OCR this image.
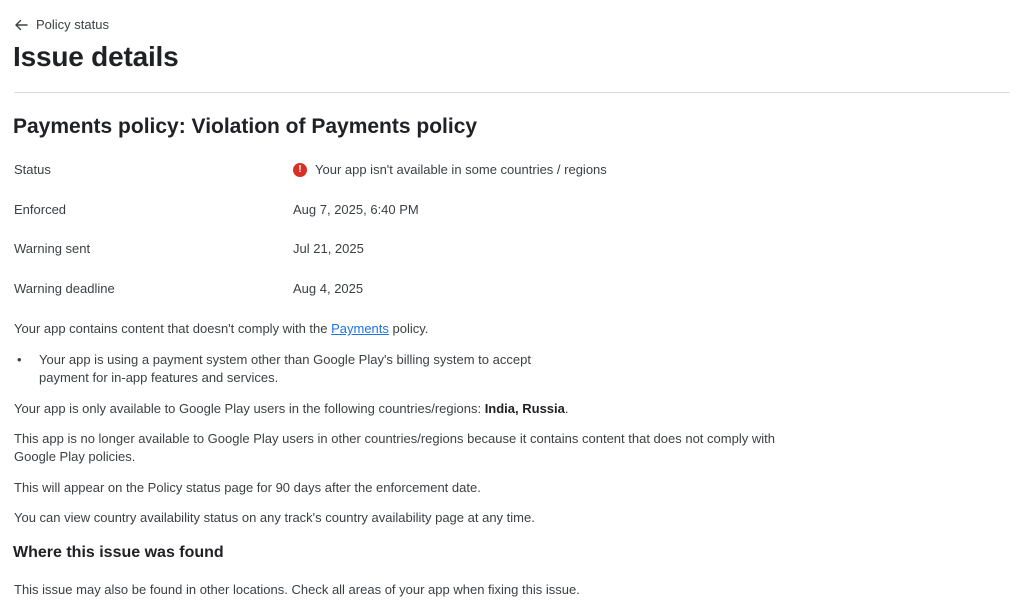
Policy status
Issue details
Payments policy: Violation of Payments policy
Status	!	Your app isn't available in some countries / regions
Enforced	Aug 7, 2025, 6:40 PM
Warning sent	Jul 21, 2025
Warning deadline	Aug 4, 2025

Your app contains content that doesn't comply with the Payments policy.

• Your app is using a payment system other than Google Play's billing system to accept payment for in-app features and services.

Your app is only available to Google Play users in the following countries/regions: India, Russia.

This app is no longer available to Google Play users in other countries/regions because it contains content that does not comply with Google Play policies.

This will appear on the Policy status page for 90 days after the enforcement date.

You can view country availability status on any track's country availability page at any time.

Where this issue was found

This issue may also be found in other locations. Check all areas of your app when fixing this issue.
